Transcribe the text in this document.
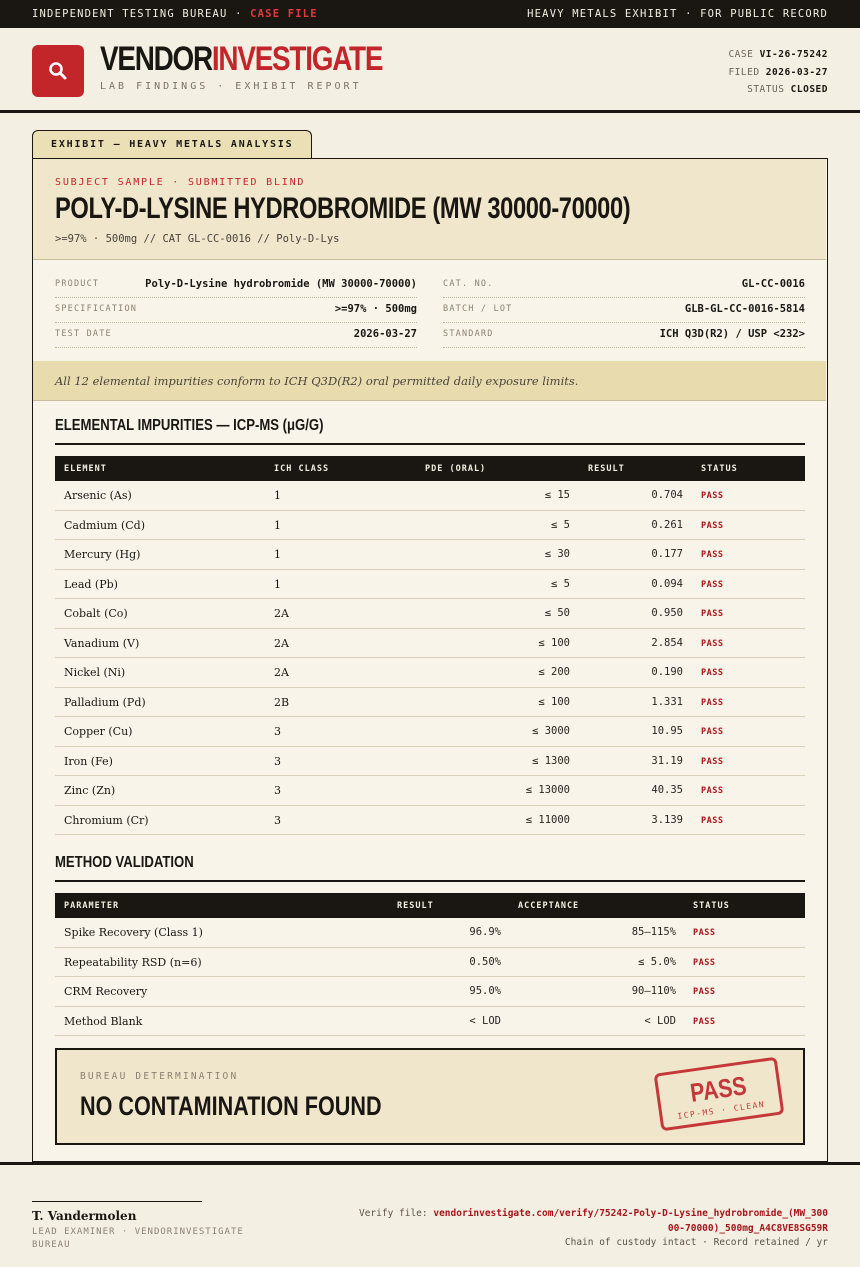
INDEPENDENT TESTING BUREAU · CASE FILE	HEAVY METALS EXHIBIT · FOR PUBLIC RECORD
VENDORINVESTIGATE
LAB FINDINGS · EXHIBIT REPORT
CASE VI-26-75242
FILED 2026-03-27
STATUS CLOSED
EXHIBIT — HEAVY METALS ANALYSIS
SUBJECT SAMPLE · SUBMITTED BLIND
POLY-D-LYSINE HYDROBROMIDE (MW 30000-70000)
>=97% · 500mg // CAT GL-CC-0016 // Poly-D-Lys
PRODUCT	Poly-D-Lysine hydrobromide (MW 30000-70000)
SPECIFICATION	>=97% · 500mg
TEST DATE	2026-03-27
CAT. NO.	GL-CC-0016
BATCH / LOT	GLB-GL-CC-0016-5814
STANDARD	ICH Q3D(R2) / USP <232>
All 12 elemental impurities conform to ICH Q3D(R2) oral permitted daily exposure limits.
ELEMENTAL IMPURITIES — ICP-MS (μG/G)
ELEMENT	ICH CLASS	PDE (ORAL)	RESULT	STATUS
Arsenic (As)	1	≤ 15	0.704 PASS
Cadmium (Cd)	1	≤ 5	0.261 PASS
Mercury (Hg)	1	≤ 30	0.177 PASS
Lead (Pb)	1	≤ 5	0.094 PASS
Cobalt (Co)	2A	≤ 50	0.950 PASS
Vanadium (V)	2A	≤ 100	2.854 PASS
Nickel (Ni)	2A	≤ 200	0.190 PASS
Palladium (Pd)	2B	≤ 100	1.331 PASS
Copper (Cu)	3	≤ 3000	10.95 PASS
Iron (Fe)	3	≤ 1300	31.19 PASS
Zinc (Zn)	3	≤ 13000	40.35 PASS
Chromium (Cr)	3	≤ 11000	3.139 PASS
METHOD VALIDATION
PARAMETER	RESULT	ACCEPTANCE	STATUS
Spike Recovery (Class 1)	96.9%	85–115% PASS
Repeatability RSD (n=6)	0.50%	≤ 5.0% PASS
CRM Recovery	95.0%	90–110% PASS
Method Blank	< LOD	< LOD PASS
BUREAU DETERMINATION
NO CONTAMINATION FOUND	PASS
ICP-MS · CLEAN
T. Vandermolen
LEAD EXAMINER · VENDORINVESTIGATE BUREAU
Verify file: vendorinvestigate.com/verify/75242-Poly-D-Lysine_hydrobromide_(MW_30000-70000)_500mg_A4C8VE8SG59R
Chain of custody intact · Record retained / yr
